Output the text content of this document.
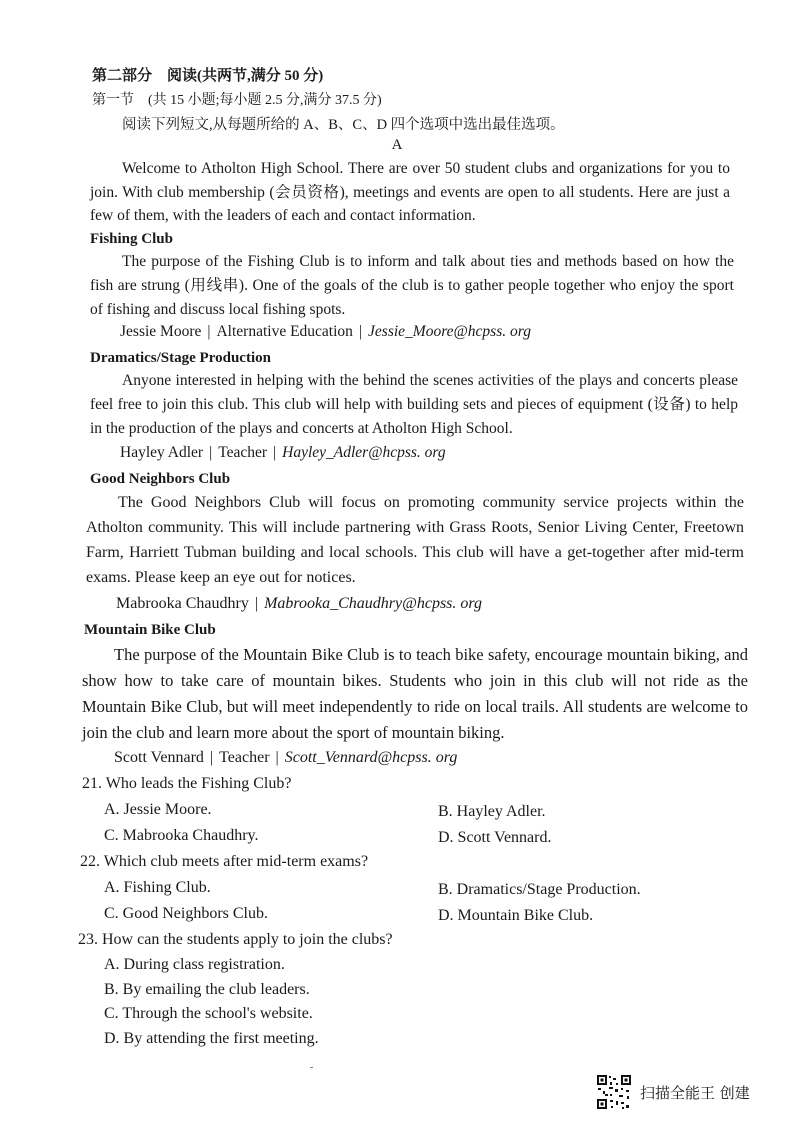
第二部分　阅读(共两节,满分 50 分)
第一节　(共 15 小题;每小题 2.5 分,满分 37.5 分)
阅读下列短文,从每题所给的 A、B、C、D 四个选项中选出最佳选项。
A
Welcome to Atholton High School. There are over 50 student clubs and organizations for you to join. With club membership (会员资格), meetings and events are open to all students. Here are just a few of them, with the leaders of each and contact information.
Fishing Club
The purpose of the Fishing Club is to inform and talk about ties and methods based on how the fish are strung (用线串). One of the goals of the club is to gather people together who enjoy the sport of fishing and discuss local fishing spots.
Jessie Moore | Alternative Education | Jessie_Moore@hcpss. org
Dramatics/Stage Production
Anyone interested in helping with the behind the scenes activities of the plays and concerts please feel free to join this club. This club will help with building sets and pieces of equipment (设备) to help in the production of the plays and concerts at Atholton High School.
Hayley Adler | Teacher | Hayley_Adler@hcpss. org
Good Neighbors Club
The Good Neighbors Club will focus on promoting community service projects within the Atholton community. This will include partnering with Grass Roots, Senior Living Center, Freetown Farm, Harriett Tubman building and local schools. This club will have a get-together after mid-term exams. Please keep an eye out for notices.
Mabrooka Chaudhry | Mabrooka_Chaudhry@hcpss. org
Mountain Bike Club
The purpose of the Mountain Bike Club is to teach bike safety, encourage mountain biking, and show how to take care of mountain bikes. Students who join in this club will not ride as the Mountain Bike Club, but will meet independently to ride on local trails. All students are welcome to join the club and learn more about the sport of mountain biking.
Scott Vennard | Teacher | Scott_Vennard@hcpss. org
21. Who leads the Fishing Club?
A. Jessie Moore.	B. Hayley Adler.
C. Mabrooka Chaudhry.	D. Scott Vennard.
22. Which club meets after mid-term exams?
A. Fishing Club.	B. Dramatics/Stage Production.
C. Good Neighbors Club.	D. Mountain Bike Club.
23. How can the students apply to join the clubs?
A. During class registration.
B. By emailing the club leaders.
C. Through the school's website.
D. By attending the first meeting.
-
扫描全能王 创建
